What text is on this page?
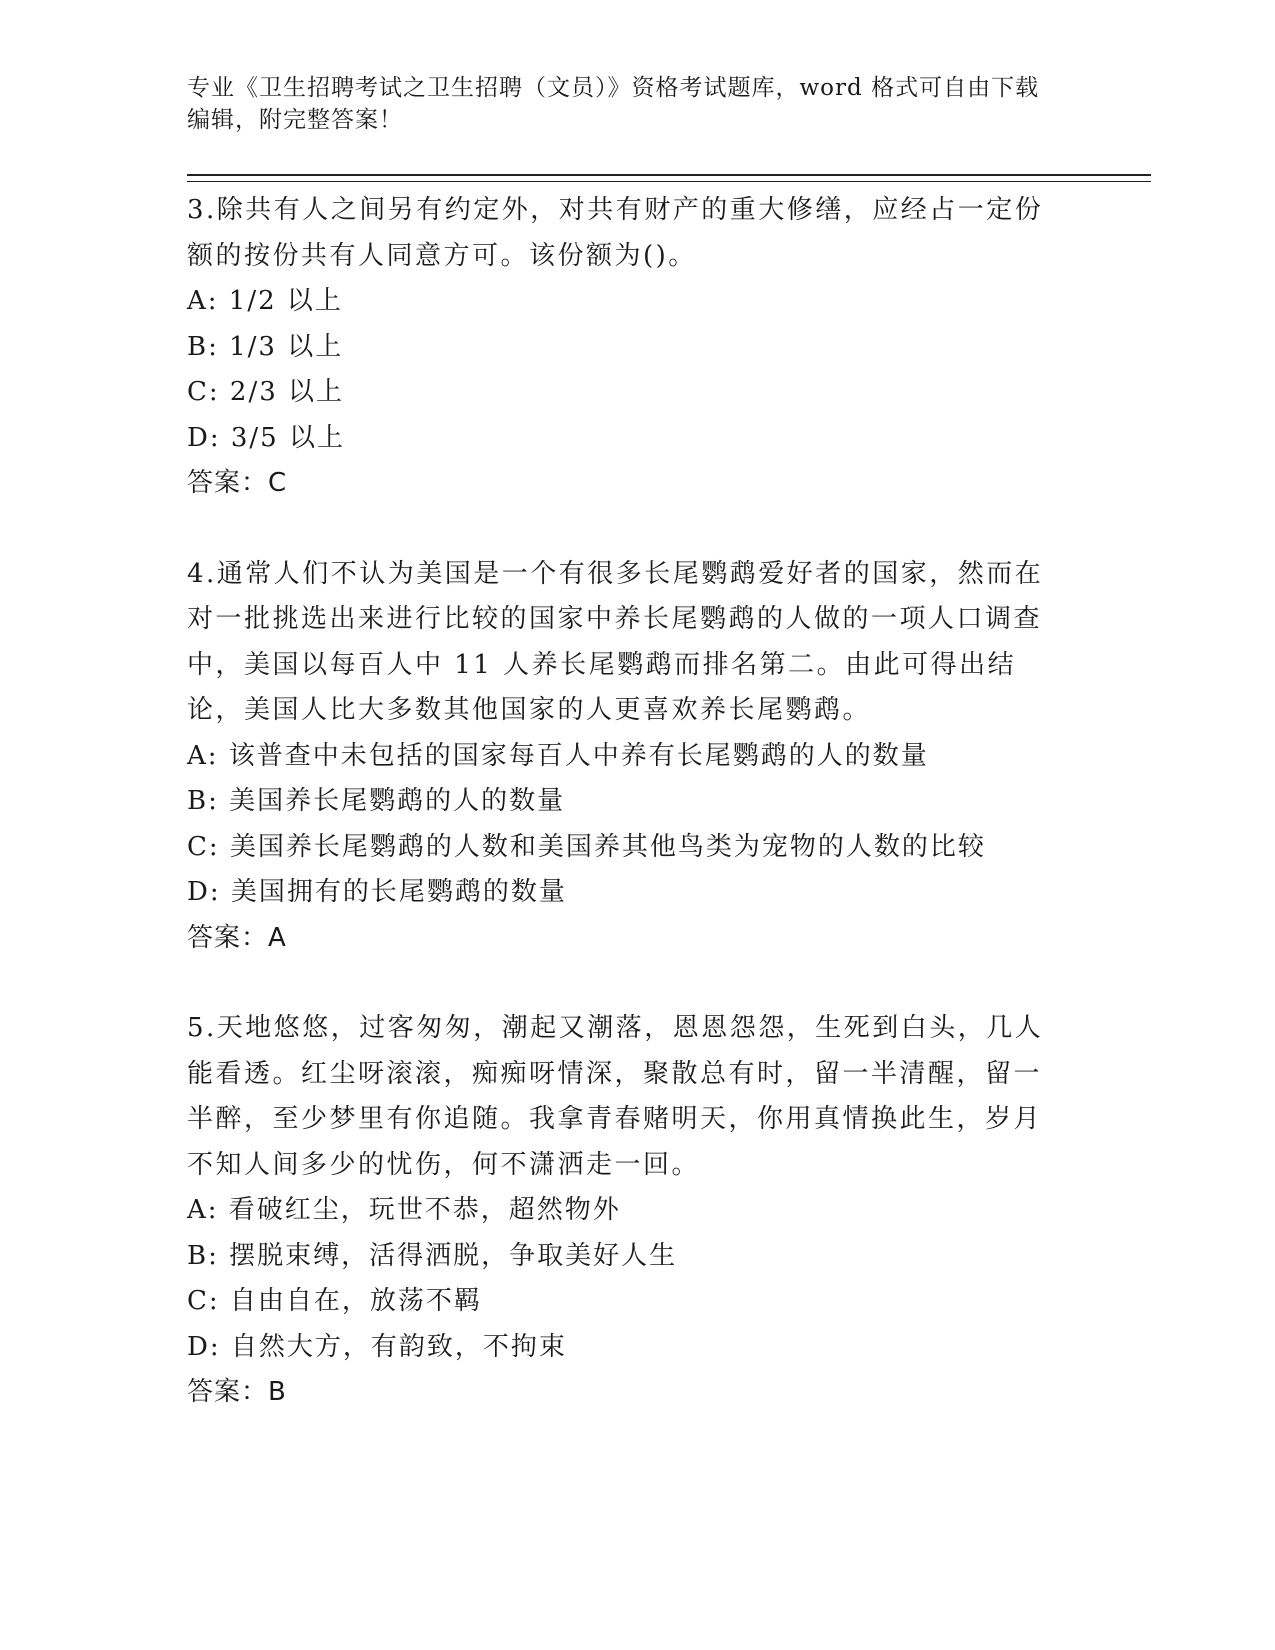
专业《卫生招聘考试之卫生招聘（文员）》资格考试题库，word 格式可自由下载
编辑，附完整答案！

3.除共有人之间另有约定外，对共有财产的重大修缮，应经占一定份额的按份共有人同意方可。该份额为()。

A: 1/2 以上

B: 1/3 以上

C: 2/3 以上

D: 3/5 以上

答案：C

4.通常人们不认为美国是一个有很多长尾鹦鹉爱好者的国家，然而在对一批挑选出来进行比较的国家中养长尾鹦鹉的人做的一项人口调查中，美国以每百人中 11 人养长尾鹦鹉而排名第二。由此可得出结论，美国人比大多数其他国家的人更喜欢养长尾鹦鹉。

A: 该普查中未包括的国家每百人中养有长尾鹦鹉的人的数量

B: 美国养长尾鹦鹉的人的数量

C: 美国养长尾鹦鹉的人数和美国养其他鸟类为宠物的人数的比较

D: 美国拥有的长尾鹦鹉的数量

答案：A

5.天地悠悠，过客匆匆，潮起又潮落，恩恩怨怨，生死到白头，几人能看透。红尘呀滚滚，痴痴呀情深，聚散总有时，留一半清醒，留一半醉，至少梦里有你追随。我拿青春赌明天，你用真情换此生，岁月不知人间多少的忧伤，何不潇洒走一回。

A: 看破红尘，玩世不恭，超然物外

B: 摆脱束缚，活得洒脱，争取美好人生

C: 自由自在，放荡不羁

D: 自然大方，有韵致，不拘束

答案：B
